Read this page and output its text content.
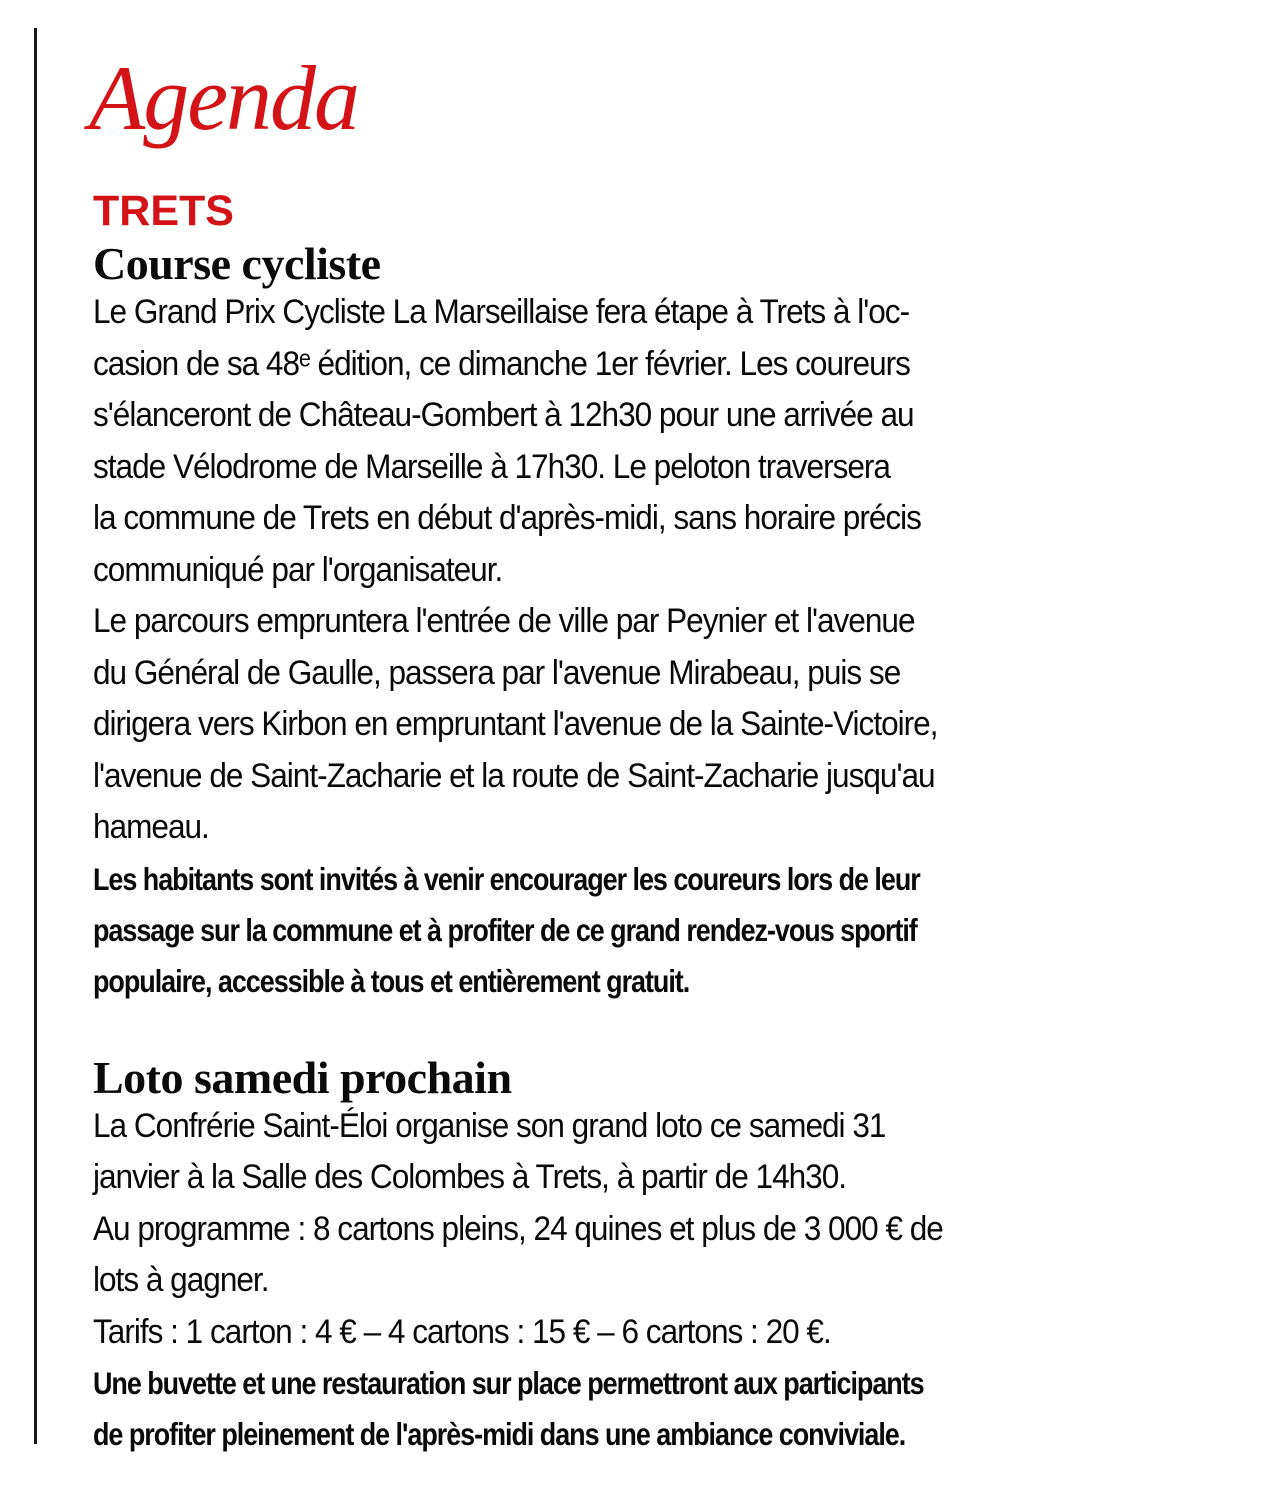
Agenda
TRETS
Course cycliste
Le Grand Prix Cycliste La Marseillaise fera étape à Trets à l'oc-
casion de sa 48ᵉ édition, ce dimanche 1er février. Les coureurs
s'élanceront de Château-Gombert à 12h30 pour une arrivée au
stade Vélodrome de Marseille à 17h30. Le peloton traversera
la commune de Trets en début d'après-midi, sans horaire précis
communiqué par l'organisateur.
Le parcours empruntera l'entrée de ville par Peynier et l'avenue
du Général de Gaulle, passera par l'avenue Mirabeau, puis se
dirigera vers Kirbon en empruntant l'avenue de la Sainte-Victoire,
l'avenue de Saint-Zacharie et la route de Saint-Zacharie jusqu'au
hameau.
Les habitants sont invités à venir encourager les coureurs lors de leur
passage sur la commune et à profiter de ce grand rendez-vous sportif
populaire, accessible à tous et entièrement gratuit.
Loto samedi prochain
La Confrérie Saint-Éloi organise son grand loto ce samedi 31
janvier à la Salle des Colombes à Trets, à partir de 14h30.
Au programme : 8 cartons pleins, 24 quines et plus de 3 000 € de
lots à gagner.
Tarifs : 1 carton : 4 € – 4 cartons : 15 € – 6 cartons : 20 €.
Une buvette et une restauration sur place permettront aux participants
de profiter pleinement de l'après-midi dans une ambiance conviviale.
